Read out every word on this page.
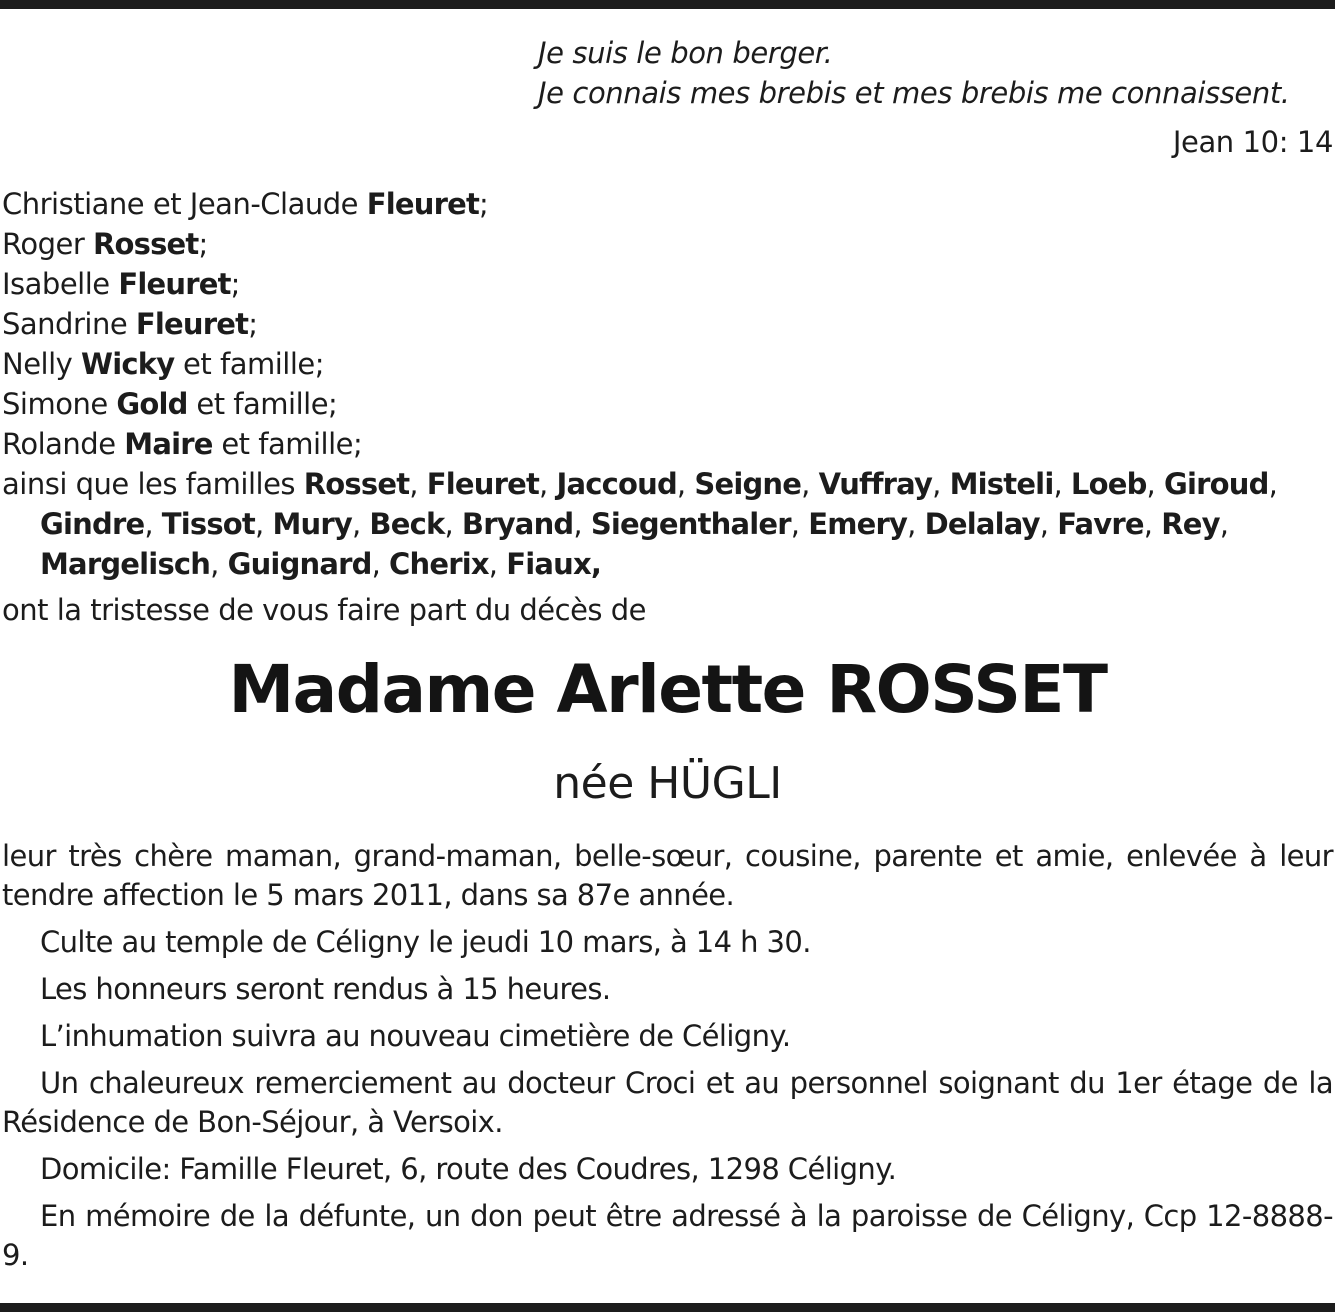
Je suis le bon berger.
Je connais mes brebis et mes brebis me connaissent.
Jean 10: 14
Christiane et Jean-Claude Fleuret;
Roger Rosset;
Isabelle Fleuret;
Sandrine Fleuret;
Nelly Wicky et famille;
Simone Gold et famille;
Rolande Maire et famille;
ainsi que les familles Rosset, Fleuret, Jaccoud, Seigne, Vuffray, Misteli, Loeb, Giroud,
Gindre, Tissot, Mury, Beck, Bryand, Siegenthaler, Emery, Delalay, Favre, Rey,
Margelisch, Guignard, Cherix, Fiaux,
ont la tristesse de vous faire part du décès de
Madame Arlette ROSSET
née HÜGLI

leur très chère maman, grand-maman, belle-sœur, cousine, parente et amie, enlevée à leur tendre affection le 5 mars 2011, dans sa 87e année.

Culte au temple de Céligny le jeudi 10 mars, à 14 h 30.

Les honneurs seront rendus à 15 heures.

L’inhumation suivra au nouveau cimetière de Céligny.

Un chaleureux remerciement au docteur Croci et au personnel soignant du 1er étage de la Résidence de Bon-Séjour, à Versoix.

Domicile: Famille Fleuret, 6, route des Coudres, 1298 Céligny.

En mémoire de la défunte, un don peut être adressé à la paroisse de Céligny, Ccp 12-8888-9.
